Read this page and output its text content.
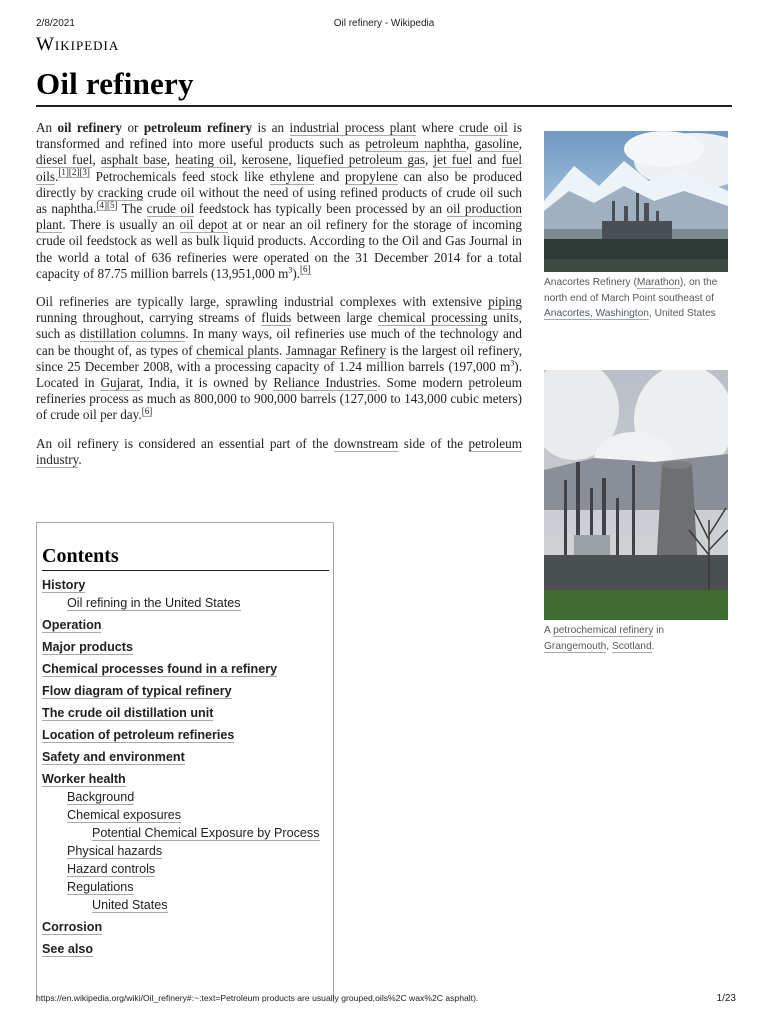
2/8/2021	Oil refinery - Wikipedia
Wikipedia
Oil refinery

An oil refinery or petroleum refinery is an industrial process plant where crude oil is transformed and refined into more useful products such as petroleum naphtha, gasoline, diesel fuel, asphalt base, heating oil, kerosene, liquefied petroleum gas, jet fuel and fuel oils.[1][2][3] Petrochemicals feed stock like ethylene and propylene can also be produced directly by cracking crude oil without the need of using refined products of crude oil such as naphtha.[4][5] The crude oil feedstock has typically been processed by an oil production plant. There is usually an oil depot at or near an oil refinery for the storage of incoming crude oil feedstock as well as bulk liquid products. According to the Oil and Gas Journal in the world a total of 636 refineries were operated on the 31 December 2014 for a total capacity of 87.75 million barrels (13,951,000 $m^3).[6]$

Oil refineries are typically large, sprawling industrial complexes with extensive piping running throughout, carrying streams of fluids between large chemical processing units, such as distillation columns. In many ways, oil refineries use much of the technology and can be thought of, as types of chemical plants. Jamnagar Refinery is the largest oil refinery, since 25 December 2008, with a processing capacity of 1.24 million barrels (197,000 $m^3$). Located in Gujarat, India, it is owned by Reliance Industries. Some modern petroleum refineries process as much as 800,000 to 900,000 barrels (127,000 to 143,000 cubic meters) of crude oil per day.[6]

An oil refinery is considered an essential part of the downstream side of the petroleum industry.

Contents
History
Oil refining in the United States
Operation
Major products
Chemical processes found in a refinery
Flow diagram of typical refinery
The crude oil distillation unit
Location of petroleum refineries
Safety and environment
Worker health
Background
Chemical exposures
Potential Chemical Exposure by Process
Physical hazards
Hazard controls
Regulations
United States
Corrosion
See also
Anacortes Refinery (Marathon), on the north end of March Point southeast of Anacortes, Washington, United States
A petrochemical refinery in Grangemouth, Scotland.
https://en.wikipedia.org/wiki/Oil_refinery#:~:text=Petroleum products are usually grouped,oils%2C wax%2C asphalt).	1/23
